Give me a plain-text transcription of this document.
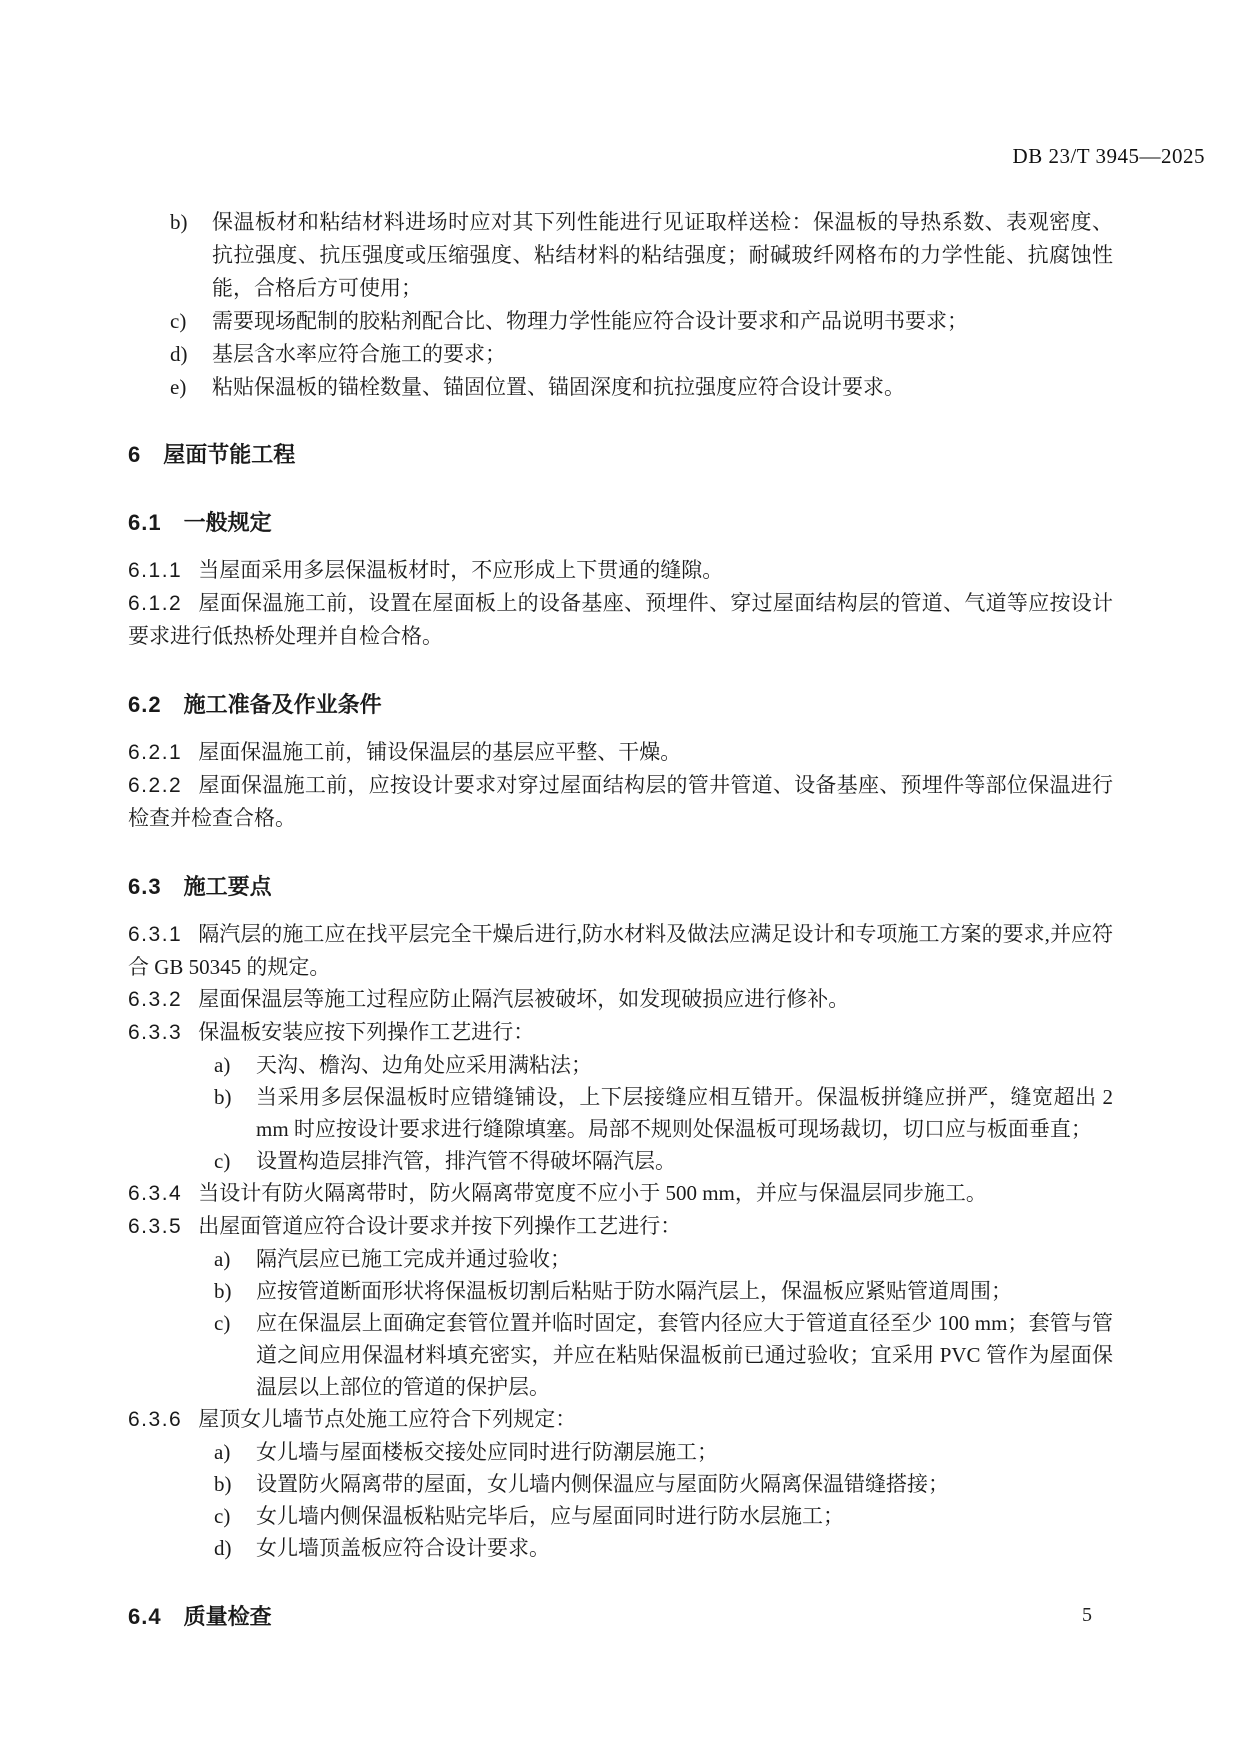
DB 23/T 3945—2025
b)	保温板材和粘结材料进场时应对其下列性能进行见证取样送检：保温板的导热系数、表观密度、 抗拉强度、抗压强度或压缩强度、粘结材料的粘结强度；耐碱玻纤网格布的力学性能、抗腐蚀性能，合格后方可使用；
c)	需要现场配制的胶粘剂配合比、物理力学性能应符合设计要求和产品说明书要求；
d)	基层含水率应符合施工的要求；
e)	粘贴保温板的锚栓数量、锚固位置、锚固深度和抗拉强度应符合设计要求。
6 屋面节能工程
6.1 一般规定

6.1.1 当屋面采用多层保温板材时，不应形成上下贯通的缝隙。

6.1.2 屋面保温施工前，设置在屋面板上的设备基座、预埋件、穿过屋面结构层的管道、气道等应按设计要求进行低热桥处理并自检合格。

6.2 施工准备及作业条件

6.2.1 屋面保温施工前，铺设保温层的基层应平整、干燥。

6.2.2 屋面保温施工前，应按设计要求对穿过屋面结构层的管井管道、设备基座、预埋件等部位保温进行检查并检查合格。

6.3 施工要点

6.3.1 隔汽层的施工应在找平层完全干燥后进行,防水材料及做法应满足设计和专项施工方案的要求,并应符合 GB 50345 的规定。

6.3.2 屋面保温层等施工过程应防止隔汽层被破坏，如发现破损应进行修补。

6.3.3 保温板安装应按下列操作工艺进行：

a)	天沟、檐沟、边角处应采用满粘法；
b)	当采用多层保温板时应错缝铺设，上下层接缝应相互错开。保温板拼缝应拼严，缝宽超出 2 mm 时应按设计要求进行缝隙填塞。局部不规则处保温板可现场裁切，切口应与板面垂直；
c)	设置构造层排汽管，排汽管不得破坏隔汽层。

6.3.4 当设计有防火隔离带时，防火隔离带宽度不应小于 500 mm，并应与保温层同步施工。

6.3.5 出屋面管道应符合设计要求并按下列操作工艺进行：

a)	隔汽层应已施工完成并通过验收；
b)	应按管道断面形状将保温板切割后粘贴于防水隔汽层上，保温板应紧贴管道周围；
c)	应在保温层上面确定套管位置并临时固定，套管内径应大于管道直径至少 100 mm；套管与管道之间应用保温材料填充密实，并应在粘贴保温板前已通过验收；宜采用 PVC 管作为屋面保温层以上部位的管道的保护层。

6.3.6 屋顶女儿墙节点处施工应符合下列规定：

a)	女儿墙与屋面楼板交接处应同时进行防潮层施工；
b)	设置防火隔离带的屋面，女儿墙内侧保温应与屋面防火隔离保温错缝搭接；
c)	女儿墙内侧保温板粘贴完毕后，应与屋面同时进行防水层施工；
d)	女儿墙顶盖板应符合设计要求。
6.4 质量检查	5
